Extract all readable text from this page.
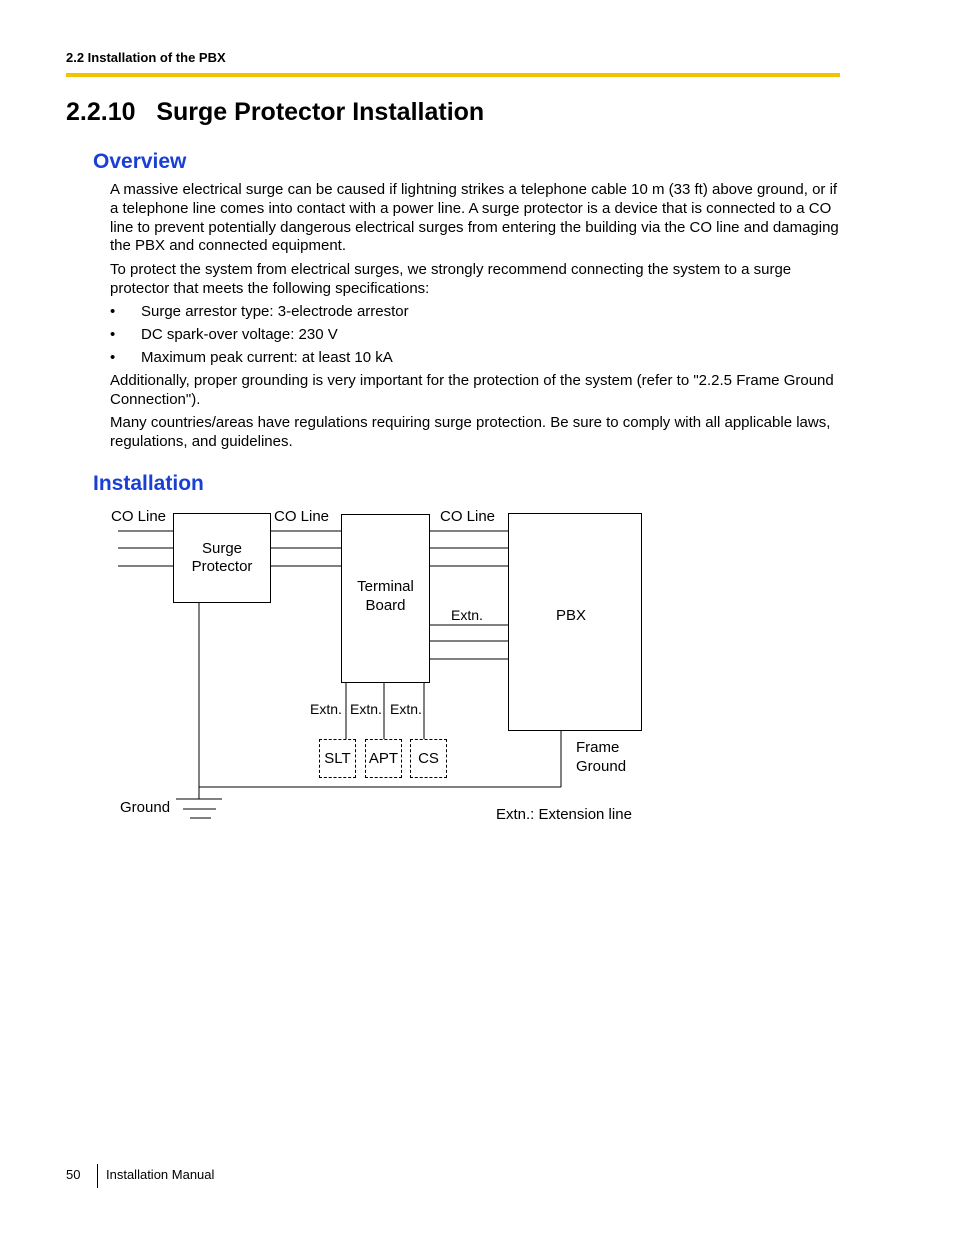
2.2 Installation of the PBX
2.2.10   Surge Protector Installation
Overview

A massive electrical surge can be caused if lightning strikes a telephone cable 10 m (33 ft) above ground, or if a telephone line comes into contact with a power line. A surge protector is a device that is connected to a CO line to prevent potentially dangerous electrical surges from entering the building via the CO line and damaging the PBX and connected equipment.

To protect the system from electrical surges, we strongly recommend connecting the system to a surge protector that meets the following specifications:

• Surge arrestor type: 3-electrode arrestor
• DC spark-over voltage: 230 V
• Maximum peak current: at least 10 kA

Additionally, proper grounding is very important for the protection of the system (refer to "2.2.5 Frame Ground Connection").

Many countries/areas have regulations requiring surge protection. Be sure to comply with all applicable laws, regulations, and guidelines.

Installation
CO Line	CO Line	CO Line
Surge
Protector
Terminal
Board
PBX
Extn.
Extn. Extn. Extn.
SLT	APT	CS
Frame
Ground
Ground	Extn.: Extension line
50 Installation Manual
